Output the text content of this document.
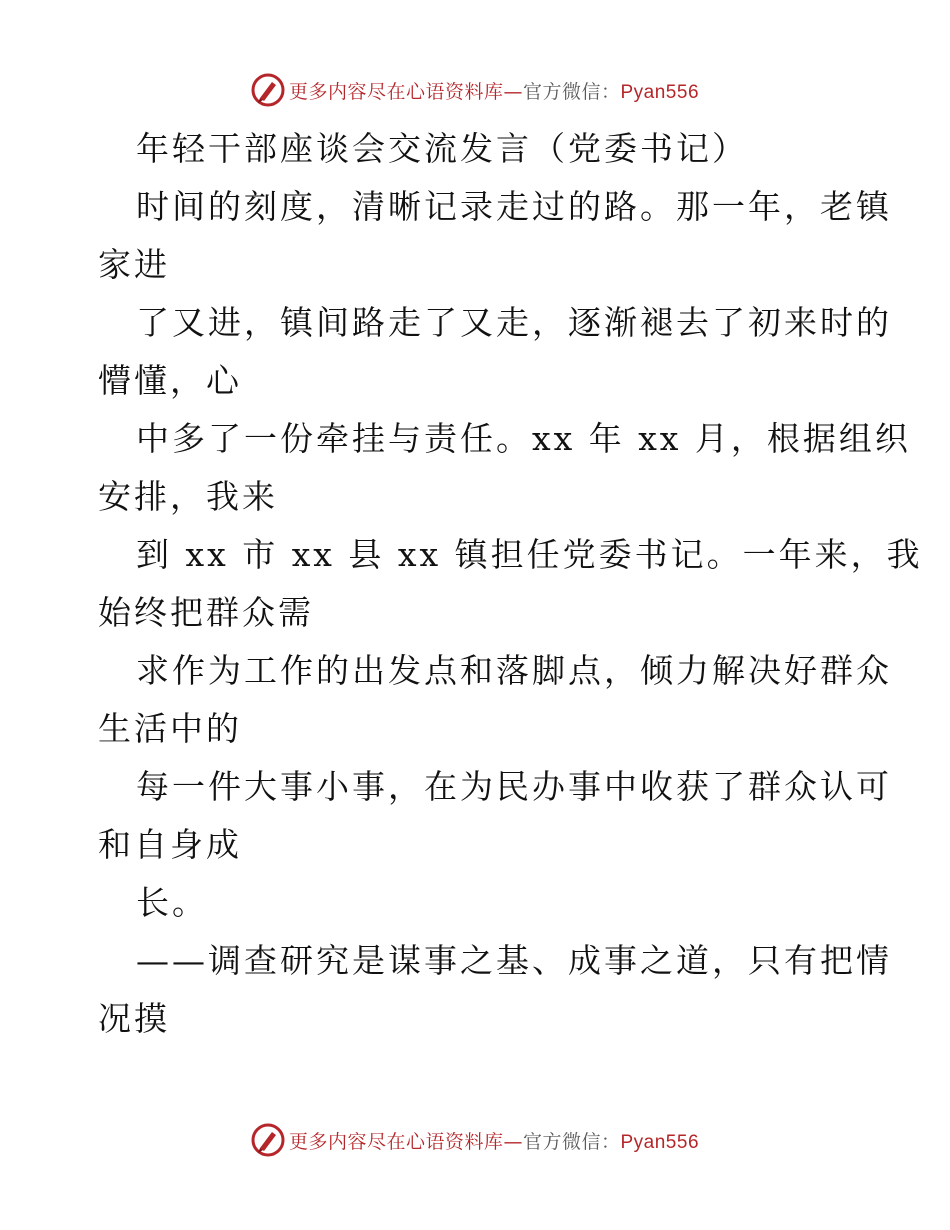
更多内容尽在心语资料库—官方微信：Pyan556
年轻干部座谈会交流发言（党委书记）
时间的刻度，清晰记录走过的路。那一年，老镇
家进
了又进，镇间路走了又走，逐渐褪去了初来时的
懵懂，心
中多了一份牵挂与责任。xx 年 xx 月，根据组织
安排，我来
到 xx 市 xx 县 xx 镇担任党委书记。一年来，我
始终把群众需
求作为工作的出发点和落脚点，倾力解决好群众
生活中的
每一件大事小事，在为民办事中收获了群众认可
和自身成
长。
——调查研究是谋事之基、成事之道，只有把情
况摸
更多内容尽在心语资料库—官方微信：Pyan556
